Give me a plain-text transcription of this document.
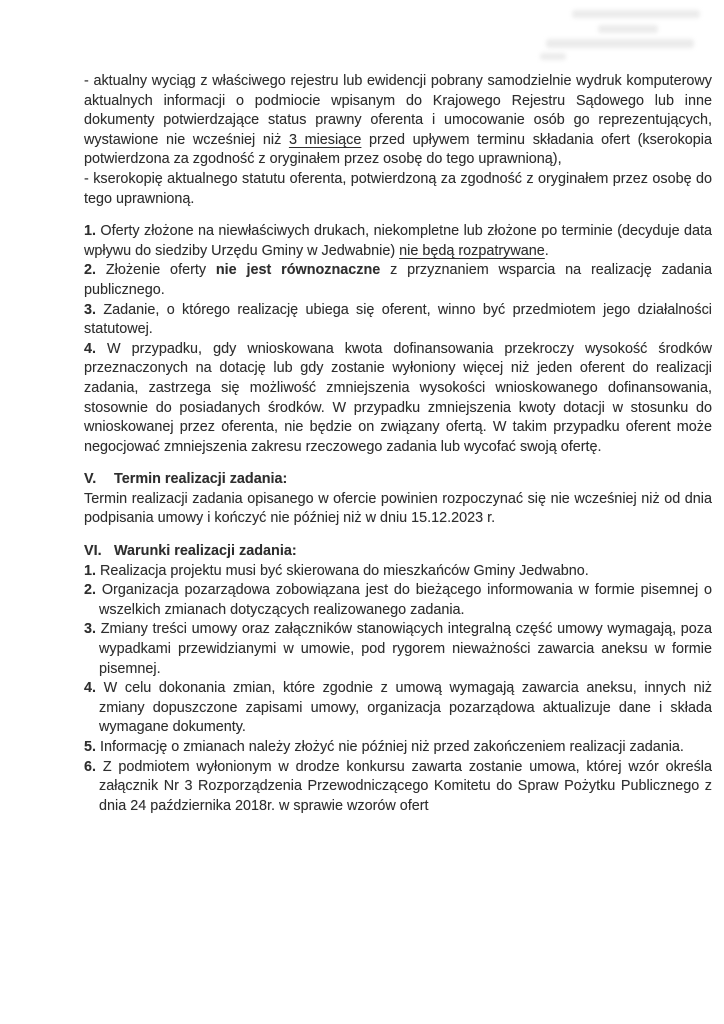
- aktualny wyciąg z właściwego rejestru lub ewidencji pobrany samodzielnie wydruk komputerowy aktualnych informacji o podmiocie wpisanym do Krajowego Rejestru Sądowego lub inne dokumenty potwierdzające status prawny oferenta i umocowanie osób go reprezentujących, wystawione nie wcześniej niż 3 miesiące przed upływem terminu składania ofert (kserokopia potwierdzona za zgodność z oryginałem przez osobę do tego uprawnioną),

- kserokopię aktualnego statutu oferenta, potwierdzoną za zgodność z oryginałem przez osobę do tego uprawnioną.

1. Oferty złożone na niewłaściwych drukach, niekompletne lub złożone po terminie (decyduje data wpływu do siedziby Urzędu Gminy w Jedwabnie) nie będą rozpatrywane.

2. Złożenie oferty nie jest równoznaczne z przyznaniem wsparcia na realizację zadania publicznego.

3. Zadanie, o którego realizację ubiega się oferent, winno być przedmiotem jego działalności statutowej.

4. W przypadku, gdy wnioskowana kwota dofinansowania przekroczy wysokość środków przeznaczonych na dotację lub gdy zostanie wyłoniony więcej niż jeden oferent do realizacji zadania, zastrzega się możliwość zmniejszenia wysokości wnioskowanego dofinansowania, stosownie do posiadanych środków. W przypadku zmniejszenia kwoty dotacji w stosunku do wnioskowanej przez oferenta, nie będzie on związany ofertą. W takim przypadku oferent może negocjować zmniejszenia zakresu rzeczowego zadania lub wycofać swoją ofertę.

V. Termin realizacji zadania:

Termin realizacji zadania opisanego w ofercie powinien rozpoczynać się nie wcześniej niż od dnia podpisania umowy i kończyć nie później niż w dniu 15.12.2023 r.

VI. Warunki realizacji zadania:

1. Realizacja projektu musi być skierowana do mieszkańców Gminy Jedwabno.

2. Organizacja pozarządowa zobowiązana jest do bieżącego informowania w formie pisemnej o wszelkich zmianach dotyczących realizowanego zadania.

3. Zmiany treści umowy oraz załączników stanowiących integralną część umowy wymagają, poza wypadkami przewidzianymi w umowie, pod rygorem nieważności zawarcia aneksu w formie pisemnej.

4. W celu dokonania zmian, które zgodnie z umową wymagają zawarcia aneksu, innych niż zmiany dopuszczone zapisami umowy, organizacja pozarządowa aktualizuje dane i składa wymagane dokumenty.

5. Informację o zmianach należy złożyć nie później niż przed zakończeniem realizacji zadania.

6. Z podmiotem wyłonionym w drodze konkursu zawarta zostanie umowa, której wzór określa załącznik Nr 3 Rozporządzenia Przewodniczącego Komitetu do Spraw Pożytku Publicznego z dnia 24 października 2018r. w sprawie wzorów ofert
